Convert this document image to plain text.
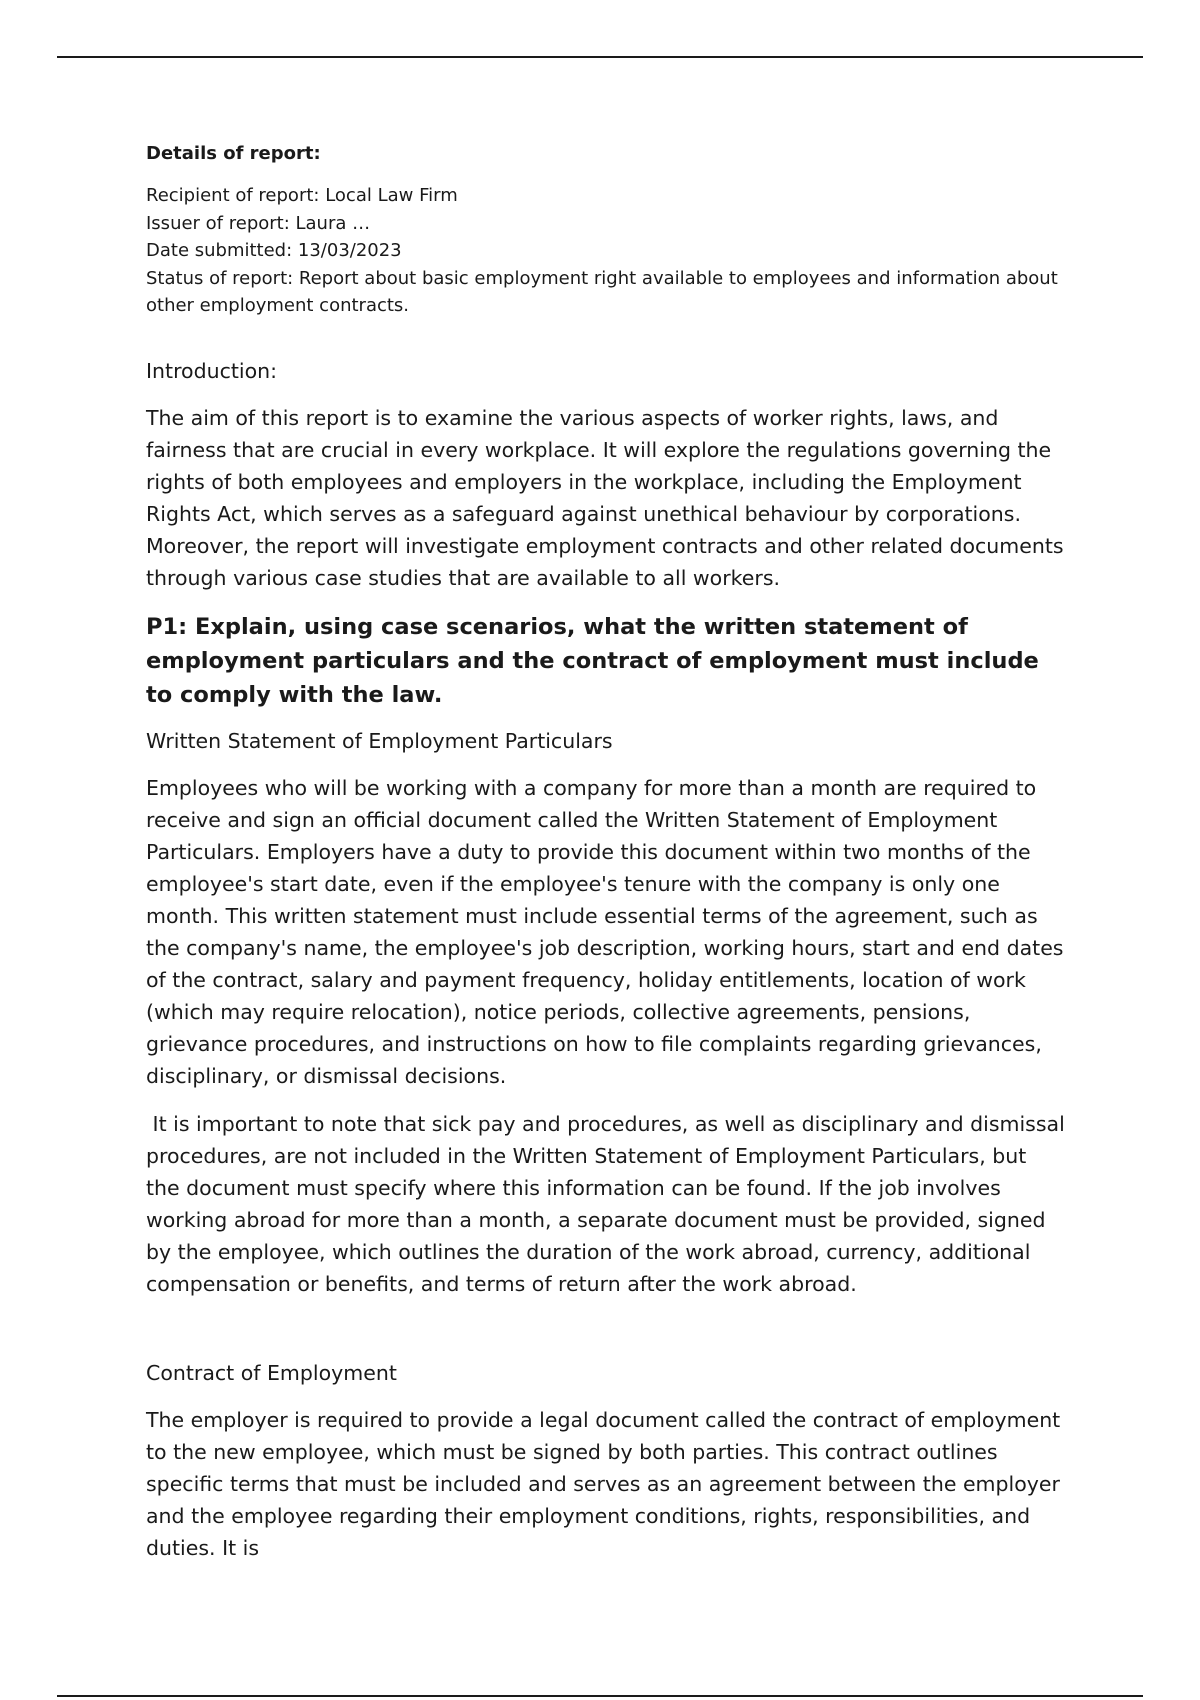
Details of report:
Recipient of report: Local Law Firm
Issuer of report: Laura …
Date submitted: 13/03/2023
Status of report: Report about basic employment right available to employees and information about other employment contracts.
Introduction:

The aim of this report is to examine the various aspects of worker rights, laws, and fairness that are crucial in every workplace. It will explore the regulations governing the rights of both employees and employers in the workplace, including the Employment Rights Act, which serves as a safeguard against unethical behaviour by corporations. Moreover, the report will investigate employment contracts and other related documents through various case studies that are available to all workers.

P1: Explain, using case scenarios, what the written statement of employment particulars and the contract of employment must include to comply with the law.
Written Statement of Employment Particulars

Employees who will be working with a company for more than a month are required to receive and sign an official document called the Written Statement of Employment Particulars. Employers have a duty to provide this document within two months of the employee's start date, even if the employee's tenure with the company is only one month. This written statement must include essential terms of the agreement, such as the company's name, the employee's job description, working hours, start and end dates of the contract, salary and payment frequency, holiday entitlements, location of work (which may require relocation), notice periods, collective agreements, pensions, grievance procedures, and instructions on how to file complaints regarding grievances, disciplinary, or dismissal decisions.

It is important to note that sick pay and procedures, as well as disciplinary and dismissal procedures, are not included in the Written Statement of Employment Particulars, but the document must specify where this information can be found. If the job involves working abroad for more than a month, a separate document must be provided, signed by the employee, which outlines the duration of the work abroad, currency, additional compensation or benefits, and terms of return after the work abroad.

Contract of Employment

The employer is required to provide a legal document called the contract of employment to the new employee, which must be signed by both parties. This contract outlines specific terms that must be included and serves as an agreement between the employer and the employee regarding their employment conditions, rights, responsibilities, and duties. It is
